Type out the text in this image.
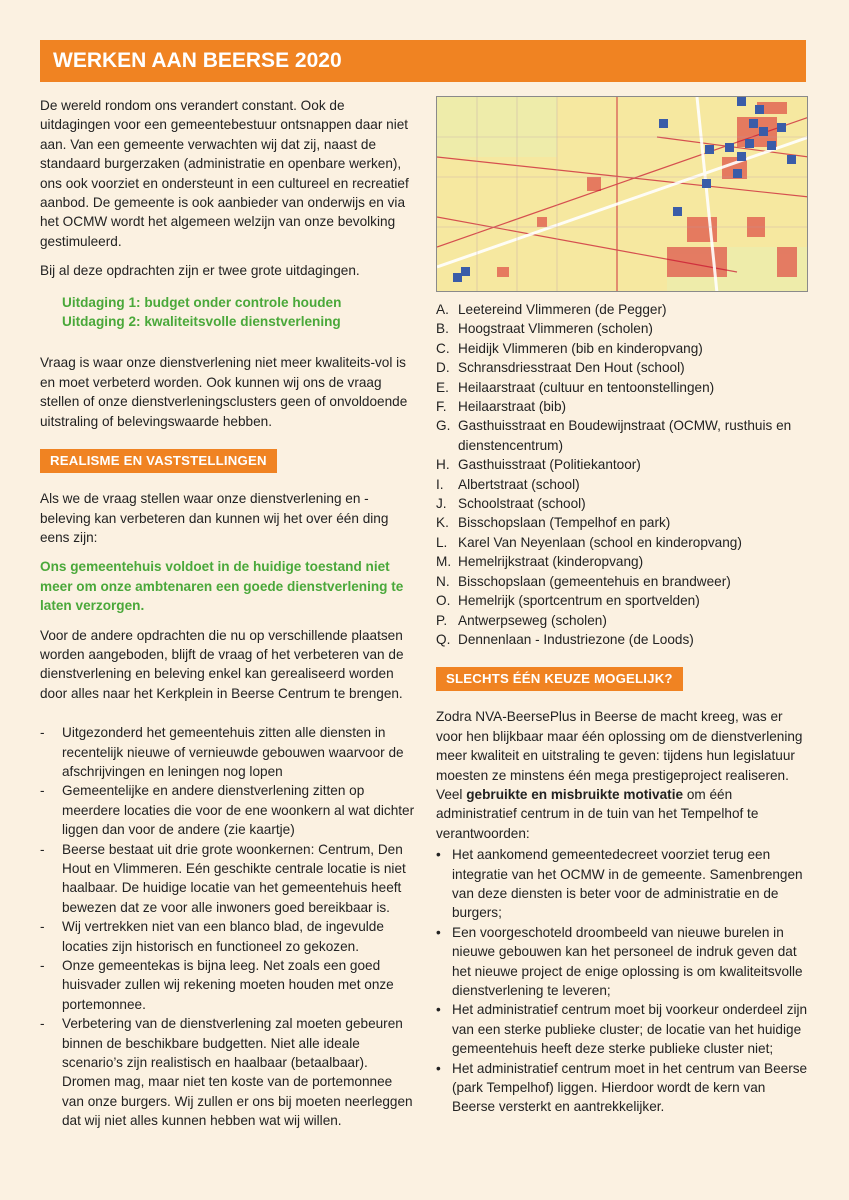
WERKEN AAN BEERSE 2020

De wereld rondom ons verandert constant. Ook de uitdagingen voor een gemeentebestuur ontsnappen daar niet aan. Van een gemeente verwachten wij dat zij, naast de standaard burgerzaken (administratie en openbare werken), ons ook voorziet en ondersteunt in een cultureel en recreatief aanbod. De gemeente is ook aanbieder van onderwijs en via het OCMW wordt het algemeen welzijn van onze bevolking gestimuleerd.

Bij al deze opdrachten zijn er twee grote uitdagingen.

Uitdaging 1: budget onder controle houden
Uitdaging 2: kwaliteitsvolle dienstverlening

Vraag is waar onze dienstverlening niet meer kwaliteits-vol is en moet verbeterd worden. Ook kunnen wij ons de vraag stellen of onze dienstverleningsclusters geen of onvoldoende uitstraling of belevingswaarde hebben.

REALISME EN VASTSTELLINGEN

Als we de vraag stellen waar onze dienstverlening en -beleving kan verbeteren dan kunnen wij het over één ding eens zijn:

Ons gemeentehuis voldoet in de huidige toestand niet meer om onze ambtenaren een goede dienstverlening te laten verzorgen.

Voor de andere opdrachten die nu op verschillende plaatsen worden aangeboden, blijft de vraag of het verbeteren van de dienstverlening en beleving enkel kan gerealiseerd worden door alles naar het Kerkplein in Beerse Centrum te brengen.

- Uitgezonderd het gemeentehuis zitten alle diensten in recentelijk nieuwe of vernieuwde gebouwen waarvoor de afschrijvingen en leningen nog lopen
- Gemeentelijke en andere dienstverlening zitten op meerdere locaties die voor de ene woonkern al wat dichter liggen dan voor de andere (zie kaartje)
- Beerse bestaat uit drie grote woonkernen: Centrum, Den Hout en Vlimmeren. Eén geschikte centrale locatie is niet haalbaar. De huidige locatie van het gemeentehuis heeft bewezen dat ze voor alle inwoners goed bereikbaar is.
- Wij vertrekken niet van een blanco blad, de ingevulde locaties zijn historisch en functioneel zo gekozen.
- Onze gemeentekas is bijna leeg. Net zoals een goed huisvader zullen wij rekening moeten houden met onze portemonnee.
- Verbetering van de dienstverlening zal moeten gebeuren binnen de beschikbare budgetten. Niet alle ideale scenario’s zijn realistisch en haalbaar (betaalbaar). Dromen mag, maar niet ten koste van de portemonnee van onze burgers. Wij zullen er ons bij moeten neerleggen dat wij niet alles kunnen hebben wat wij willen.
A. Leetereind Vlimmeren (de Pegger)
B. Hoogstraat Vlimmeren (scholen)
C. Heidijk Vlimmeren (bib en kinderopvang)
D. Schransdriesstraat Den Hout (school)
E. Heilaarstraat (cultuur en tentoonstellingen)
F. Heilaarstraat (bib)
G. Gasthuisstraat en Boudewijnstraat (OCMW, rusthuis en dienstencentrum)
H. Gasthuisstraat (Politiekantoor)
I. Albertstraat (school)
J. Schoolstraat (school)
K. Bisschopslaan (Tempelhof en park)
L. Karel Van Neyenlaan (school en kinderopvang)
M. Hemelrijkstraat (kinderopvang)
N. Bisschopslaan (gemeentehuis en brandweer)
O. Hemelrijk (sportcentrum en sportvelden)
P. Antwerpseweg (scholen)
Q. Dennenlaan - Industriezone (de Loods)
SLECHTS ÉÉN KEUZE MOGELIJK?

Zodra NVA-BeersePlus in Beerse de macht kreeg, was er voor hen blijkbaar maar één oplossing om de dienstverlening meer kwaliteit en uitstraling te geven: tijdens hun legislatuur moesten ze minstens één mega prestigeproject realiseren.

Veel gebruikte en misbruikte motivatie om één administratief centrum in de tuin van het Tempelhof te verantwoorden:

• Het aankomend gemeentedecreet voorziet terug een integratie van het OCMW in de gemeente. Samenbrengen van deze diensten is beter voor de administratie en de burgers;
• Een voorgeschoteld droombeeld van nieuwe burelen in nieuwe gebouwen kan het personeel de indruk geven dat het nieuwe project de enige oplossing is om kwaliteitsvolle dienstverlening te leveren;
• Het administratief centrum moet bij voorkeur onderdeel zijn van een sterke publieke cluster; de locatie van het huidige gemeentehuis heeft deze sterke publieke cluster niet;
• Het administratief centrum moet in het centrum van Beerse (park Tempelhof) liggen. Hierdoor wordt de kern van Beerse versterkt en aantrekkelijker.
